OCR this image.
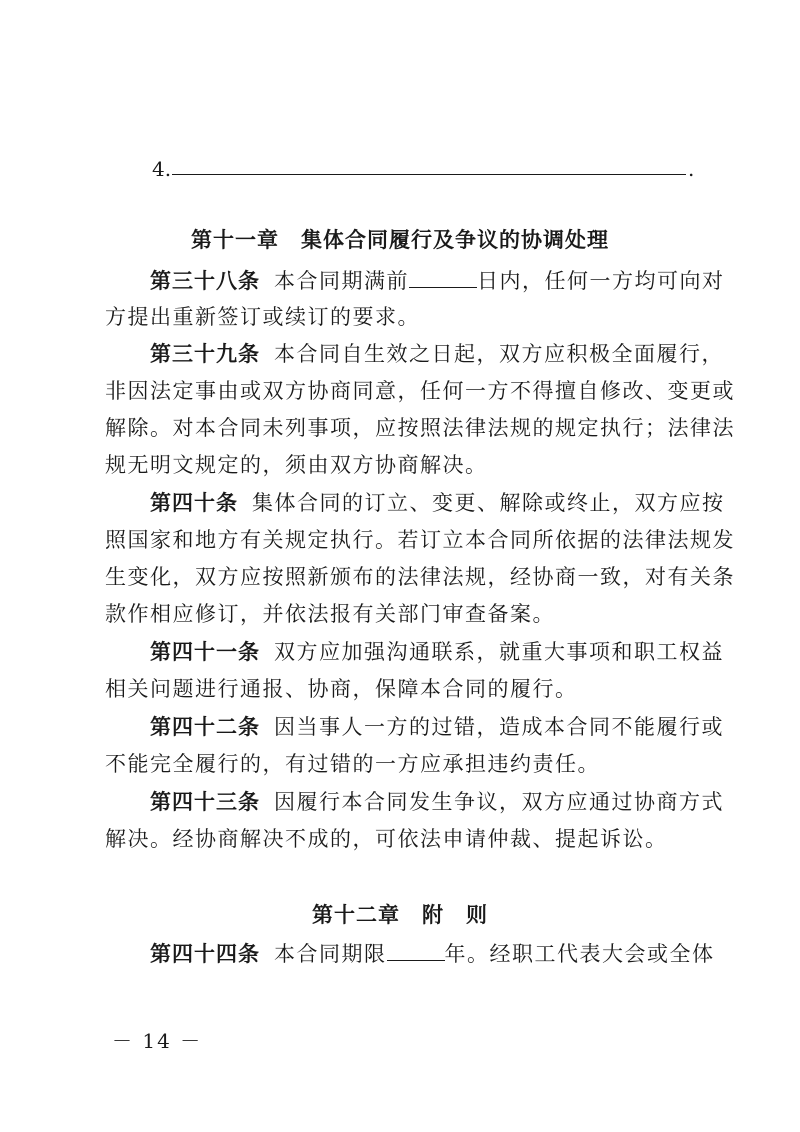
4.	.
第十一章　集体合同履行及争议的协调处理
第三十八条 本合同期满前	日内，任何一方均可向对
方提出重新签订或续订的要求。
第三十九条 本合同自生效之日起，双方应积极全面履行，
非因法定事由或双方协商同意，任何一方不得擅自修改、变更或
解除。对本合同未列事项，应按照法律法规的规定执行；法律法
规无明文规定的，须由双方协商解决。
第四十条 集体合同的订立、变更、解除或终止，双方应按
照国家和地方有关规定执行。若订立本合同所依据的法律法规发
生变化，双方应按照新颁布的法律法规，经协商一致，对有关条
款作相应修订，并依法报有关部门审查备案。
第四十一条 双方应加强沟通联系，就重大事项和职工权益
相关问题进行通报、协商，保障本合同的履行。
第四十二条 因当事人一方的过错，造成本合同不能履行或
不能完全履行的，有过错的一方应承担违约责任。
第四十三条 因履行本合同发生争议，双方应通过协商方式
解决。经协商解决不成的，可依法申请仲裁、提起诉讼。
第十二章　附　则
第四十四条 本合同期限	年。经职工代表大会或全体
－ 14 －
